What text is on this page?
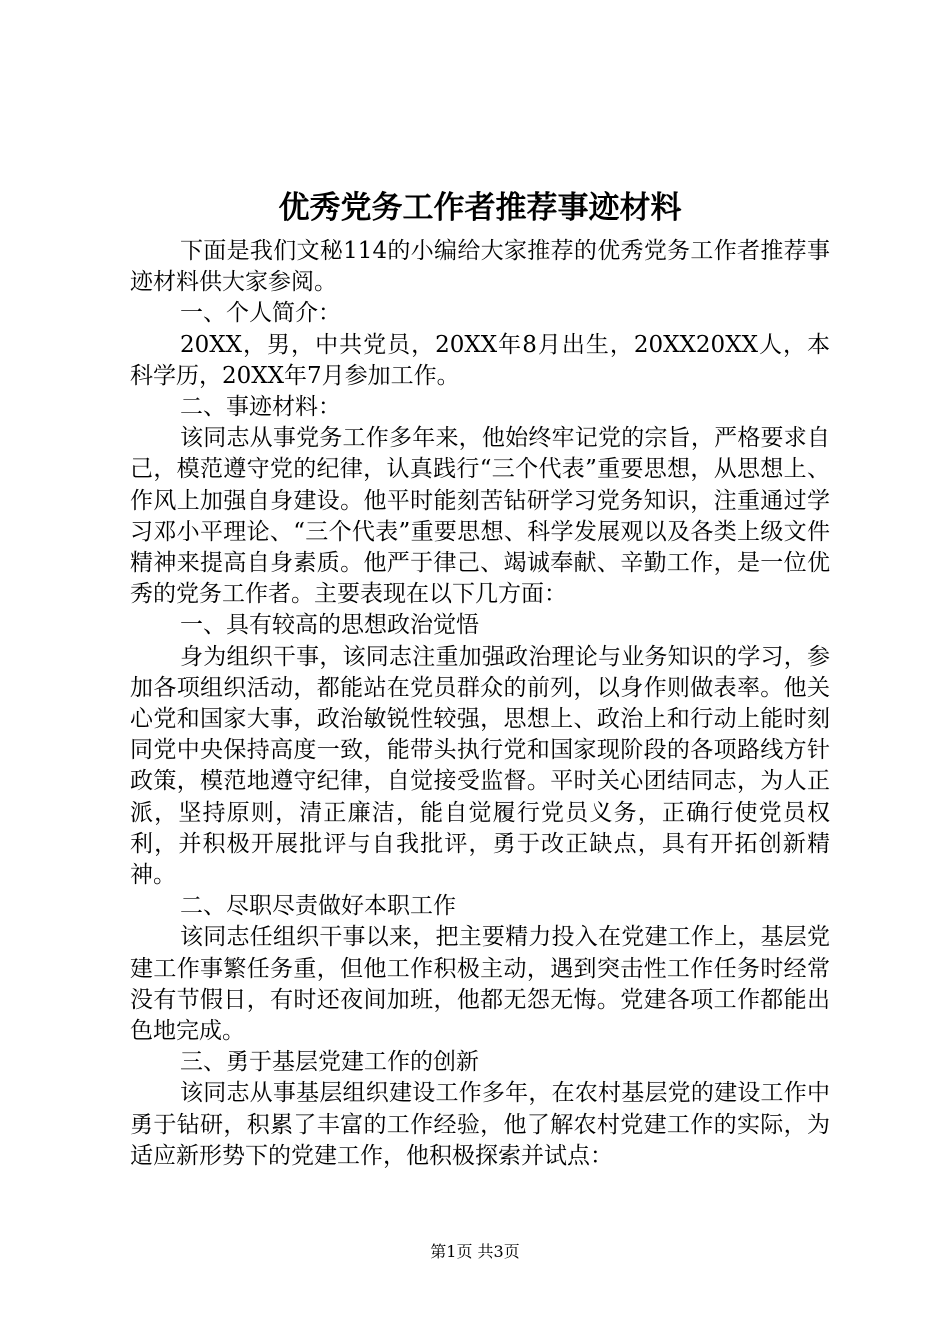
优秀党务工作者推荐事迹材料

下面是我们文秘114的小编给大家推荐的优秀党务工作者推荐事迹材料供大家参阅。

一、个人简介：

20XX，男，中共党员，20XX年8月出生，20XX20XX人，本科学历，20XX年7月参加工作。

二、事迹材料：

该同志从事党务工作多年来，他始终牢记党的宗旨，严格要求自己，模范遵守党的纪律，认真践行“三个代表”重要思想，从思想上、作风上加强自身建设。他平时能刻苦钻研学习党务知识，注重通过学习邓小平理论、“三个代表”重要思想、科学发展观以及各类上级文件精神来提高自身素质。他严于律己、竭诚奉献、辛勤工作，是一位优秀的党务工作者。主要表现在以下几方面：

一、具有较高的思想政治觉悟

身为组织干事，该同志注重加强政治理论与业务知识的学习，参加各项组织活动，都能站在党员群众的前列，以身作则做表率。他关心党和国家大事，政治敏锐性较强，思想上、政治上和行动上能时刻同党中央保持高度一致，能带头执行党和国家现阶段的各项路线方针政策，模范地遵守纪律，自觉接受监督。平时关心团结同志，为人正派，坚持原则，清正廉洁，能自觉履行党员义务，正确行使党员权利，并积极开展批评与自我批评，勇于改正缺点，具有开拓创新精神。

二、尽职尽责做好本职工作

该同志任组织干事以来，把主要精力投入在党建工作上，基层党建工作事繁任务重，但他工作积极主动，遇到突击性工作任务时经常没有节假日，有时还夜间加班，他都无怨无悔。党建各项工作都能出色地完成。

三、勇于基层党建工作的创新

该同志从事基层组织建设工作多年，在农村基层党的建设工作中勇于钻研，积累了丰富的工作经验，他了解农村党建工作的实际，为适应新形势下的党建工作，他积极探索并试点：

第1页 共3页
